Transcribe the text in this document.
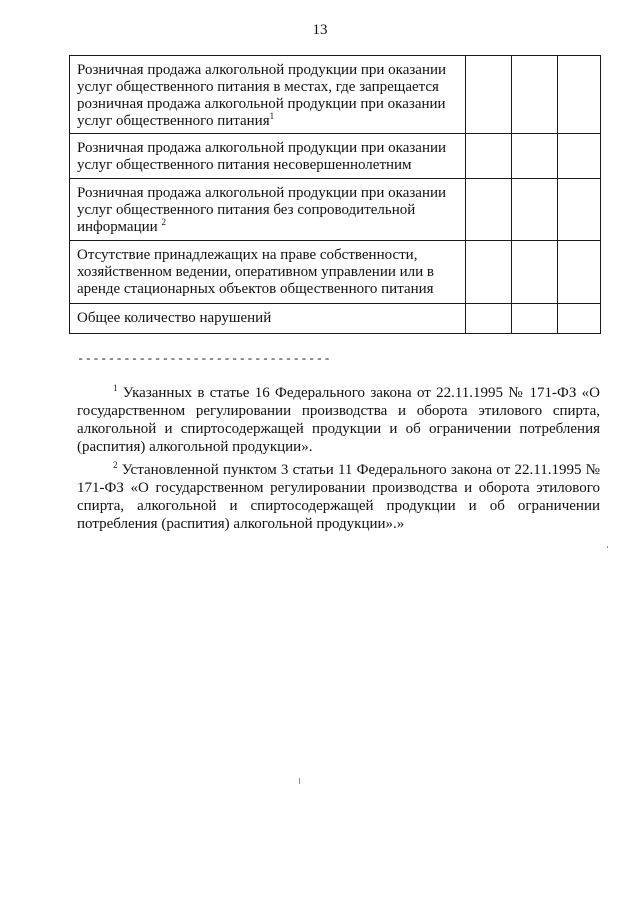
13
Розничная продажа алкогольной продукции при оказании услуг общественного питания в местах, где запрещается розничная продажа алкогольной продукции при оказании услуг общественного питания$^1$			
Розничная продажа алкогольной продукции при оказании услуг общественного питания несовершеннолетним			
Розничная продажа алкогольной продукции при оказании услуг общественного питания без сопроводительной информации $^2$			
Отсутствие принадлежащих на праве собственности, хозяйственном ведении, оперативном управлении или в аренде стационарных объектов общественного питания			
Общее количество нарушений			
---------------------------------

$^1$ Указанных в статье 16 Федерального закона от 22.11.1995 № 171-ФЗ «О государственном регулировании производства и оборота этилового спирта, алкогольной и спиртосодержащей продукции и об ограничении потребления (распития) алкогольной продукции».

$^2$ Установленной пунктом 3 статьи 11 Федерального закона от 22.11.1995 № 171-ФЗ «О государственном регулировании производства и оборота этилового спирта, алкогольной и спиртосодержащей продукции и об ограничении потребления (распития) алкогольной продукции».»
